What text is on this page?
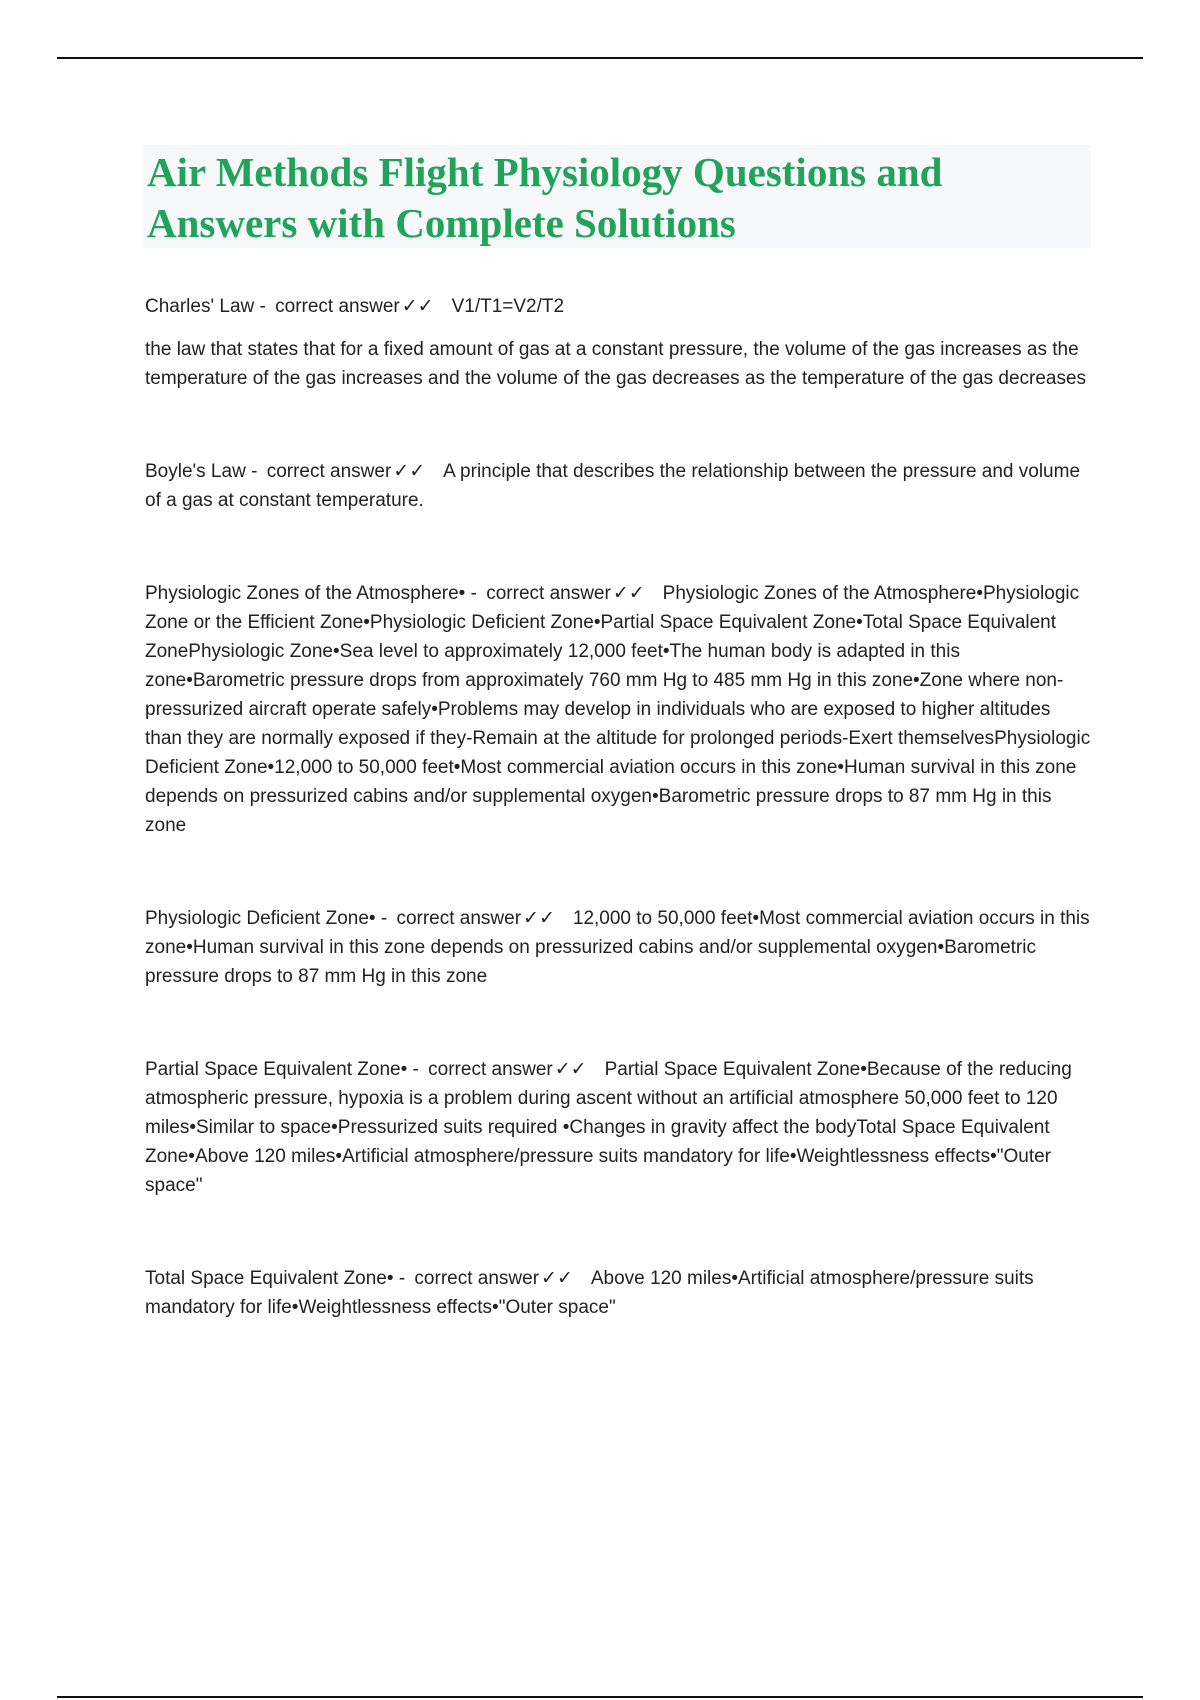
Air Methods Flight Physiology Questions and Answers with Complete Solutions

Charles' Law - correct answer ✓✓ V1/T1=V2/T2

the law that states that for a fixed amount of gas at a constant pressure, the volume of the gas increases as the temperature of the gas increases and the volume of the gas decreases as the temperature of the gas decreases

Boyle's Law - correct answer ✓✓ A principle that describes the relationship between the pressure and volume of a gas at constant temperature.

Physiologic Zones of the Atmosphere• - correct answer ✓✓ Physiologic Zones of the Atmosphere•Physiologic Zone or the Efficient Zone•Physiologic Deficient Zone•Partial Space Equivalent Zone•Total Space Equivalent ZonePhysiologic Zone•Sea level to approximately 12,000 feet•The human body is adapted in this zone•Barometric pressure drops from approximately 760 mm Hg to 485 mm Hg in this zone•Zone where non-pressurized aircraft operate safely•Problems may develop in individuals who are exposed to higher altitudes than they are normally exposed if they-Remain at the altitude for prolonged periods-Exert themselvesPhysiologic Deficient Zone•12,000 to 50,000 feet•Most commercial aviation occurs in this zone•Human survival in this zone depends on pressurized cabins and/or supplemental oxygen•Barometric pressure drops to 87 mm Hg in this zone

Physiologic Deficient Zone• - correct answer ✓✓ 12,000 to 50,000 feet•Most commercial aviation occurs in this zone•Human survival in this zone depends on pressurized cabins and/or supplemental oxygen•Barometric pressure drops to 87 mm Hg in this zone

Partial Space Equivalent Zone• - correct answer ✓✓ Partial Space Equivalent Zone•Because of the reducing atmospheric pressure, hypoxia is a problem during ascent without an artificial atmosphere 50,000 feet to 120 miles•Similar to space•Pressurized suits required •Changes in gravity affect the bodyTotal Space Equivalent Zone•Above 120 miles•Artificial atmosphere/pressure suits mandatory for life•Weightlessness effects•"Outer space"

Total Space Equivalent Zone• - correct answer ✓✓ Above 120 miles•Artificial atmosphere/pressure suits mandatory for life•Weightlessness effects•"Outer space"
